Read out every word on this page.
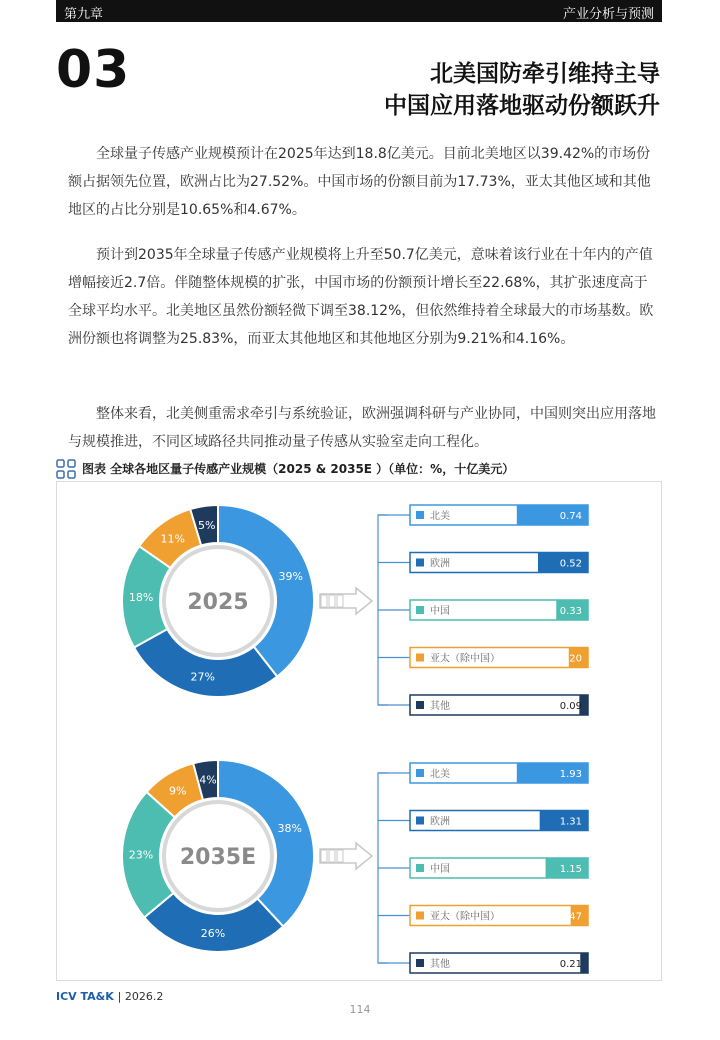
第九章	产业分析与预测
03	北美国防牵引维持主导
中国应用落地驱动份额跃升

全球量子传感产业规模预计在2025年达到18.8亿美元。目前北美地区以39.42%的市场份额占据领先位置，欧洲占比为27.52%。中国市场的份额目前为17.73%，亚太其他区域和其他地区的占比分别是10.65%和4.67%。

预计到2035年全球量子传感产业规模将上升至50.7亿美元，意味着该行业在十年内的产值增幅接近2.7倍。伴随整体规模的扩张，中国市场的份额预计增长至22.68%，其扩张速度高于全球平均水平。北美地区虽然份额轻微下调至38.12%，但依然维持着全球最大的市场基数。欧洲份额也将调整为25.83%，而亚太其他地区和其他地区分别为9.21%和4.16%。

整体来看，北美侧重需求牵引与系统验证，欧洲强调科研与产业协同，中国则突出应用落地与规模推进，不同区域路径共同推动量子传感从实验室走向工程化。

图表 全球各地区量子传感产业规模（2025 & 2035E ）（单位：%，十亿美元）
39%
27%
18%
11%
5%
2025
北美	0.74
欧洲	0.52
中国	0.33
亚太（除中国）	0.20
其他	0.09
38%
26%
23%
9%
4%
2035E
北美	1.93
欧洲	1.31
中国	1.15
亚太（除中国）	0.47
其他	0.21
ICV TA&K | 2026.2
114
